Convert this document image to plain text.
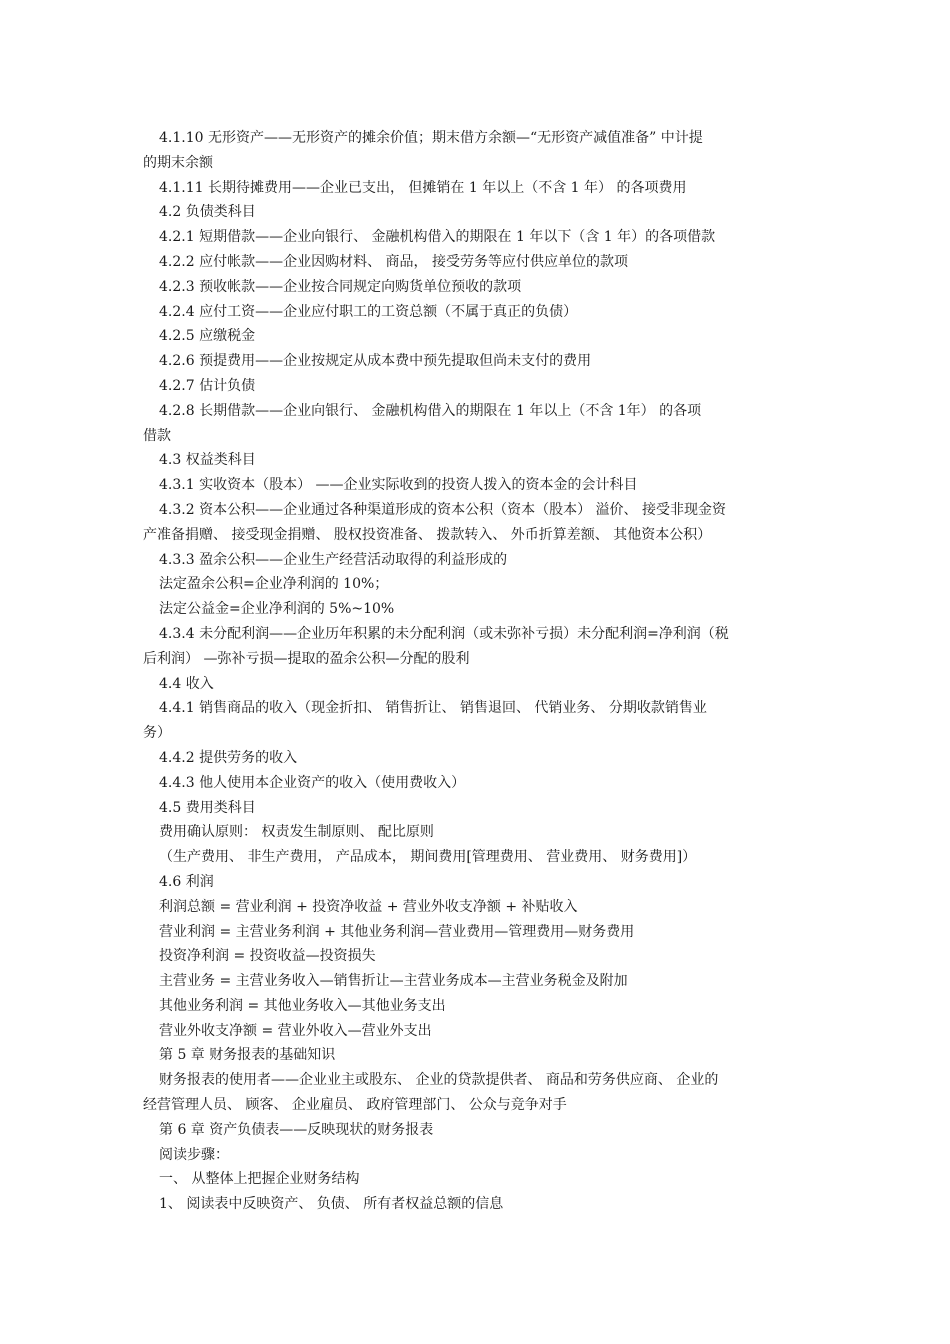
4.1.10 无形资产——无形资产的摊余价值；期末借方余额—“无形资产减值准备” 中计提
的期末余额
4.1.11 长期待摊费用——企业已支出， 但摊销在 1 年以上（不含 1 年） 的各项费用
4.2 负债类科目
4.2.1 短期借款——企业向银行、 金融机构借入的期限在 1 年以下（含 1 年）的各项借款
4.2.2 应付帐款——企业因购材料、 商品， 接受劳务等应付供应单位的款项
4.2.3 预收帐款——企业按合同规定向购货单位预收的款项
4.2.4 应付工资——企业应付职工的工资总额（不属于真正的负债）
4.2.5 应缴税金
4.2.6 预提费用——企业按规定从成本费中预先提取但尚未支付的费用
4.2.7 估计负债
4.2.8 长期借款——企业向银行、 金融机构借入的期限在 1 年以上（不含 1年） 的各项
借款
4.3 权益类科目
4.3.1 实收资本（股本） ——企业实际收到的投资人拨入的资本金的会计科目
4.3.2 资本公积——企业通过各种渠道形成的资本公积（资本（股本） 溢价、 接受非现金资
产准备捐赠、 接受现金捐赠、 股权投资准备、 拨款转入、 外币折算差额、 其他资本公积）
4.3.3 盈余公积——企业生产经营活动取得的利益形成的
法定盈余公积=企业净利润的 10%；
法定公益金=企业净利润的 5%~10%
4.3.4 未分配利润——企业历年积累的未分配利润（或未弥补亏损）未分配利润=净利润（税
后利润） —弥补亏损—提取的盈余公积—分配的股利
4.4 收入
4.4.1 销售商品的收入（现金折扣、 销售折让、 销售退回、 代销业务、 分期收款销售业
务）
4.4.2 提供劳务的收入
4.4.3 他人使用本企业资产的收入（使用费收入）
4.5 费用类科目
费用确认原则： 权责发生制原则、 配比原则
（生产费用、 非生产费用， 产品成本， 期间费用[管理费用、 营业费用、 财务费用]）
4.6 利润
利润总额 = 营业利润 + 投资净收益 + 营业外收支净额 + 补贴收入
营业利润 = 主营业务利润 + 其他业务利润—营业费用—管理费用—财务费用
投资净利润 = 投资收益—投资损失
主营业务 = 主营业务收入—销售折让—主营业务成本—主营业务税金及附加
其他业务利润 = 其他业务收入—其他业务支出
营业外收支净额 = 营业外收入—营业外支出
第 5 章 财务报表的基础知识
财务报表的使用者——企业业主或股东、 企业的贷款提供者、 商品和劳务供应商、 企业的
经营管理人员、 顾客、 企业雇员、 政府管理部门、 公众与竞争对手
第 6 章 资产负债表——反映现状的财务报表
阅读步骤：
一、 从整体上把握企业财务结构
1、 阅读表中反映资产、 负债、 所有者权益总额的信息
